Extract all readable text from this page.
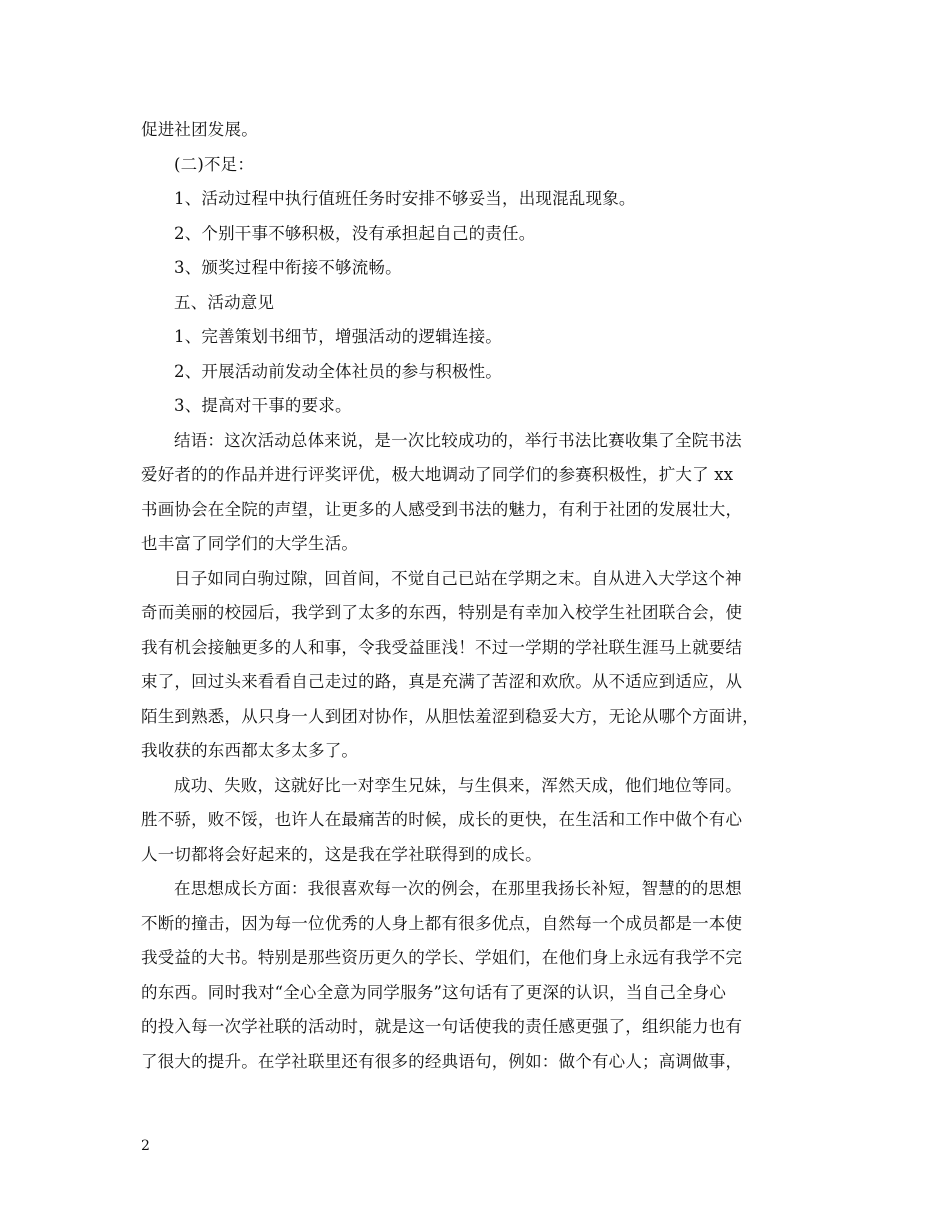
促进社团发展。
(二)不足：
1、活动过程中执行值班任务时安排不够妥当，出现混乱现象。
2、个别干事不够积极，没有承担起自己的责任。
3、颁奖过程中衔接不够流畅。
五、活动意见
1、完善策划书细节，增强活动的逻辑连接。
2、开展活动前发动全体社员的参与积极性。
3、提高对干事的要求。
结语：这次活动总体来说，是一次比较成功的，举行书法比赛收集了全院书法
爱好者的的作品并进行评奖评优，极大地调动了同学们的参赛积极性，扩大了 xx
书画协会在全院的声望，让更多的人感受到书法的魅力，有利于社团的发展壮大，
也丰富了同学们的大学生活。
日子如同白驹过隙，回首间，不觉自己已站在学期之末。自从进入大学这个神
奇而美丽的校园后，我学到了太多的东西，特别是有幸加入校学生社团联合会，使
我有机会接触更多的人和事，令我受益匪浅！不过一学期的学社联生涯马上就要结
束了，回过头来看看自己走过的路，真是充满了苦涩和欢欣。从不适应到适应，从
陌生到熟悉，从只身一人到团对协作，从胆怯羞涩到稳妥大方，无论从哪个方面讲，
我收获的东西都太多太多了。
成功、失败，这就好比一对孪生兄妹，与生俱来，浑然天成，他们地位等同。
胜不骄，败不馁，也许人在最痛苦的时候，成长的更快，在生活和工作中做个有心
人一切都将会好起来的，这是我在学社联得到的成长。
在思想成长方面：我很喜欢每一次的例会，在那里我扬长补短，智慧的的思想
不断的撞击，因为每一位优秀的人身上都有很多优点，自然每一个成员都是一本使
我受益的大书。特别是那些资历更久的学长、学姐们，在他们身上永远有我学不完
的东西。同时我对“全心全意为同学服务”这句话有了更深的认识，当自己全身心
的投入每一次学社联的活动时，就是这一句话使我的责任感更强了，组织能力也有
了很大的提升。在学社联里还有很多的经典语句，例如：做个有心人；高调做事，
2
